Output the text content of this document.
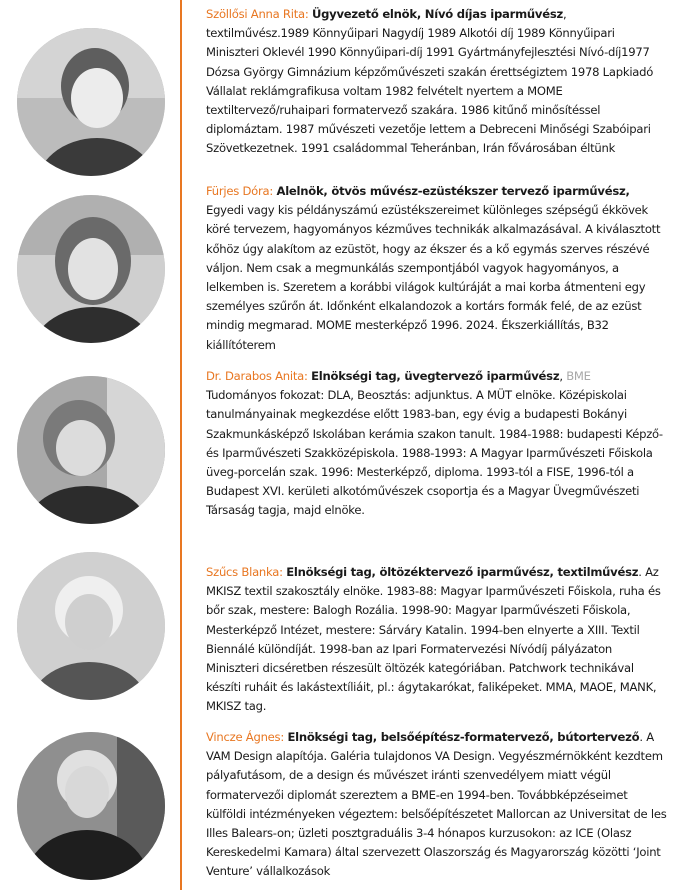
Szöllősi Anna Rita: Ügyvezető elnök, Nívó díjas iparművész, textilművész.1989 Könnyűipari Nagydíj 1989 Alkotói díj 1989 Könnyűipari Miniszteri Oklevél 1990 Könnyűipari-díj 1991 Gyártmányfejlesztési Nívó-díj1977 Dózsa György Gimnázium képzőművészeti szakán érettségiztem 1978 Lapkiadó Vállalat reklámgrafikusa voltam 1982 felvételt nyertem a MOME textiltervező/ruhaipari formatervező szakára. 1986 kitűnő minősítéssel diplomáztam. 1987 művészeti vezetője lettem a Debreceni Minőségi Szabóipari Szövetkezetnek. 1991 családommal Teheránban, Irán fővárosában éltünk

Fürjes Dóra: Alelnök, ötvös művész-ezüstékszer tervező iparművész,
Egyedi vagy kis példányszámú ezüstékszereimet különleges szépségű ékkövek köré tervezem, hagyományos kézműves technikák alkalmazásával. A kiválasztott kőhöz úgy alakítom az ezüstöt, hogy az ékszer és a kő egymás szerves részévé váljon. Nem csak a megmunkálás szempontjából vagyok hagyományos, a lelkemben is. Szeretem a korábbi világok kultúráját a mai korba átmenteni egy személyes szűrőn át. Időnként elkalandozok a kortárs formák felé, de az ezüst mindig megmarad. MOME mesterképző 1996. 2024. Ékszerkiállítás, B32 kiállítóterem

Dr. Darabos Anita: Elnökségi tag, üvegtervező iparművész, BME
Tudományos fokozat: DLA, Beosztás: adjunktus. A MÜT elnöke. Középiskolai tanulmányainak megkezdése előtt 1983-ban, egy évig a budapesti Bokányi Szakmunkásképző Iskolában kerámia szakon tanult. 1984-1988: budapesti Képző- és Iparművészeti Szakközépiskola. 1988-1993: A Magyar Iparművészeti Főiskola üveg-porcelán szak. 1996: Mesterképző, diploma. 1993-tól a FISE, 1996-tól a Budapest XVI. kerületi alkotóművészek csoportja és a Magyar Üvegművészeti Társaság tagja, majd elnöke.

Szűcs Blanka: Elnökségi tag, öltözéktervező iparművész, textilművész. Az MKISZ textil szakosztály elnöke. 1983-88: Magyar Iparművészeti Főiskola, ruha és bőr szak, mestere: Balogh Rozália. 1998-90: Magyar Iparművészeti Főiskola, Mesterképző Intézet, mestere: Sárváry Katalin. 1994-ben elnyerte a XIII. Textil Biennálé különdíját. 1998-ban az Ipari Formatervezési Nívódíj pályázaton Miniszteri dicséretben részesült öltözék kategóriában. Patchwork technikával készíti ruháit és lakástextíliáit, pl.: ágytakarókat, faliképeket. MMA, MAOE, MANK, MKISZ tag.

Vincze Ágnes: Elnökségi tag, belsőépítész-formatervező, bútortervező. A VAM Design alapítója. Galéria tulajdonos VA Design. Vegyészmérnökként kezdtem pályafutásom, de a design és művészet iránti szenvedélyem miatt végül formatervezői diplomát szereztem a BME-en 1994-ben. Továbbképzéseimet külföldi intézményeken végeztem: belsőépítészetet Mallorcan az Universitat de les Illes Balears-on; üzleti posztgraduális 3-4 hónapos kurzusokon: az ICE (Olasz Kereskedelmi Kamara) által szervezett Olaszország és Magyarország közötti ‘Joint Venture’ vállalkozások
